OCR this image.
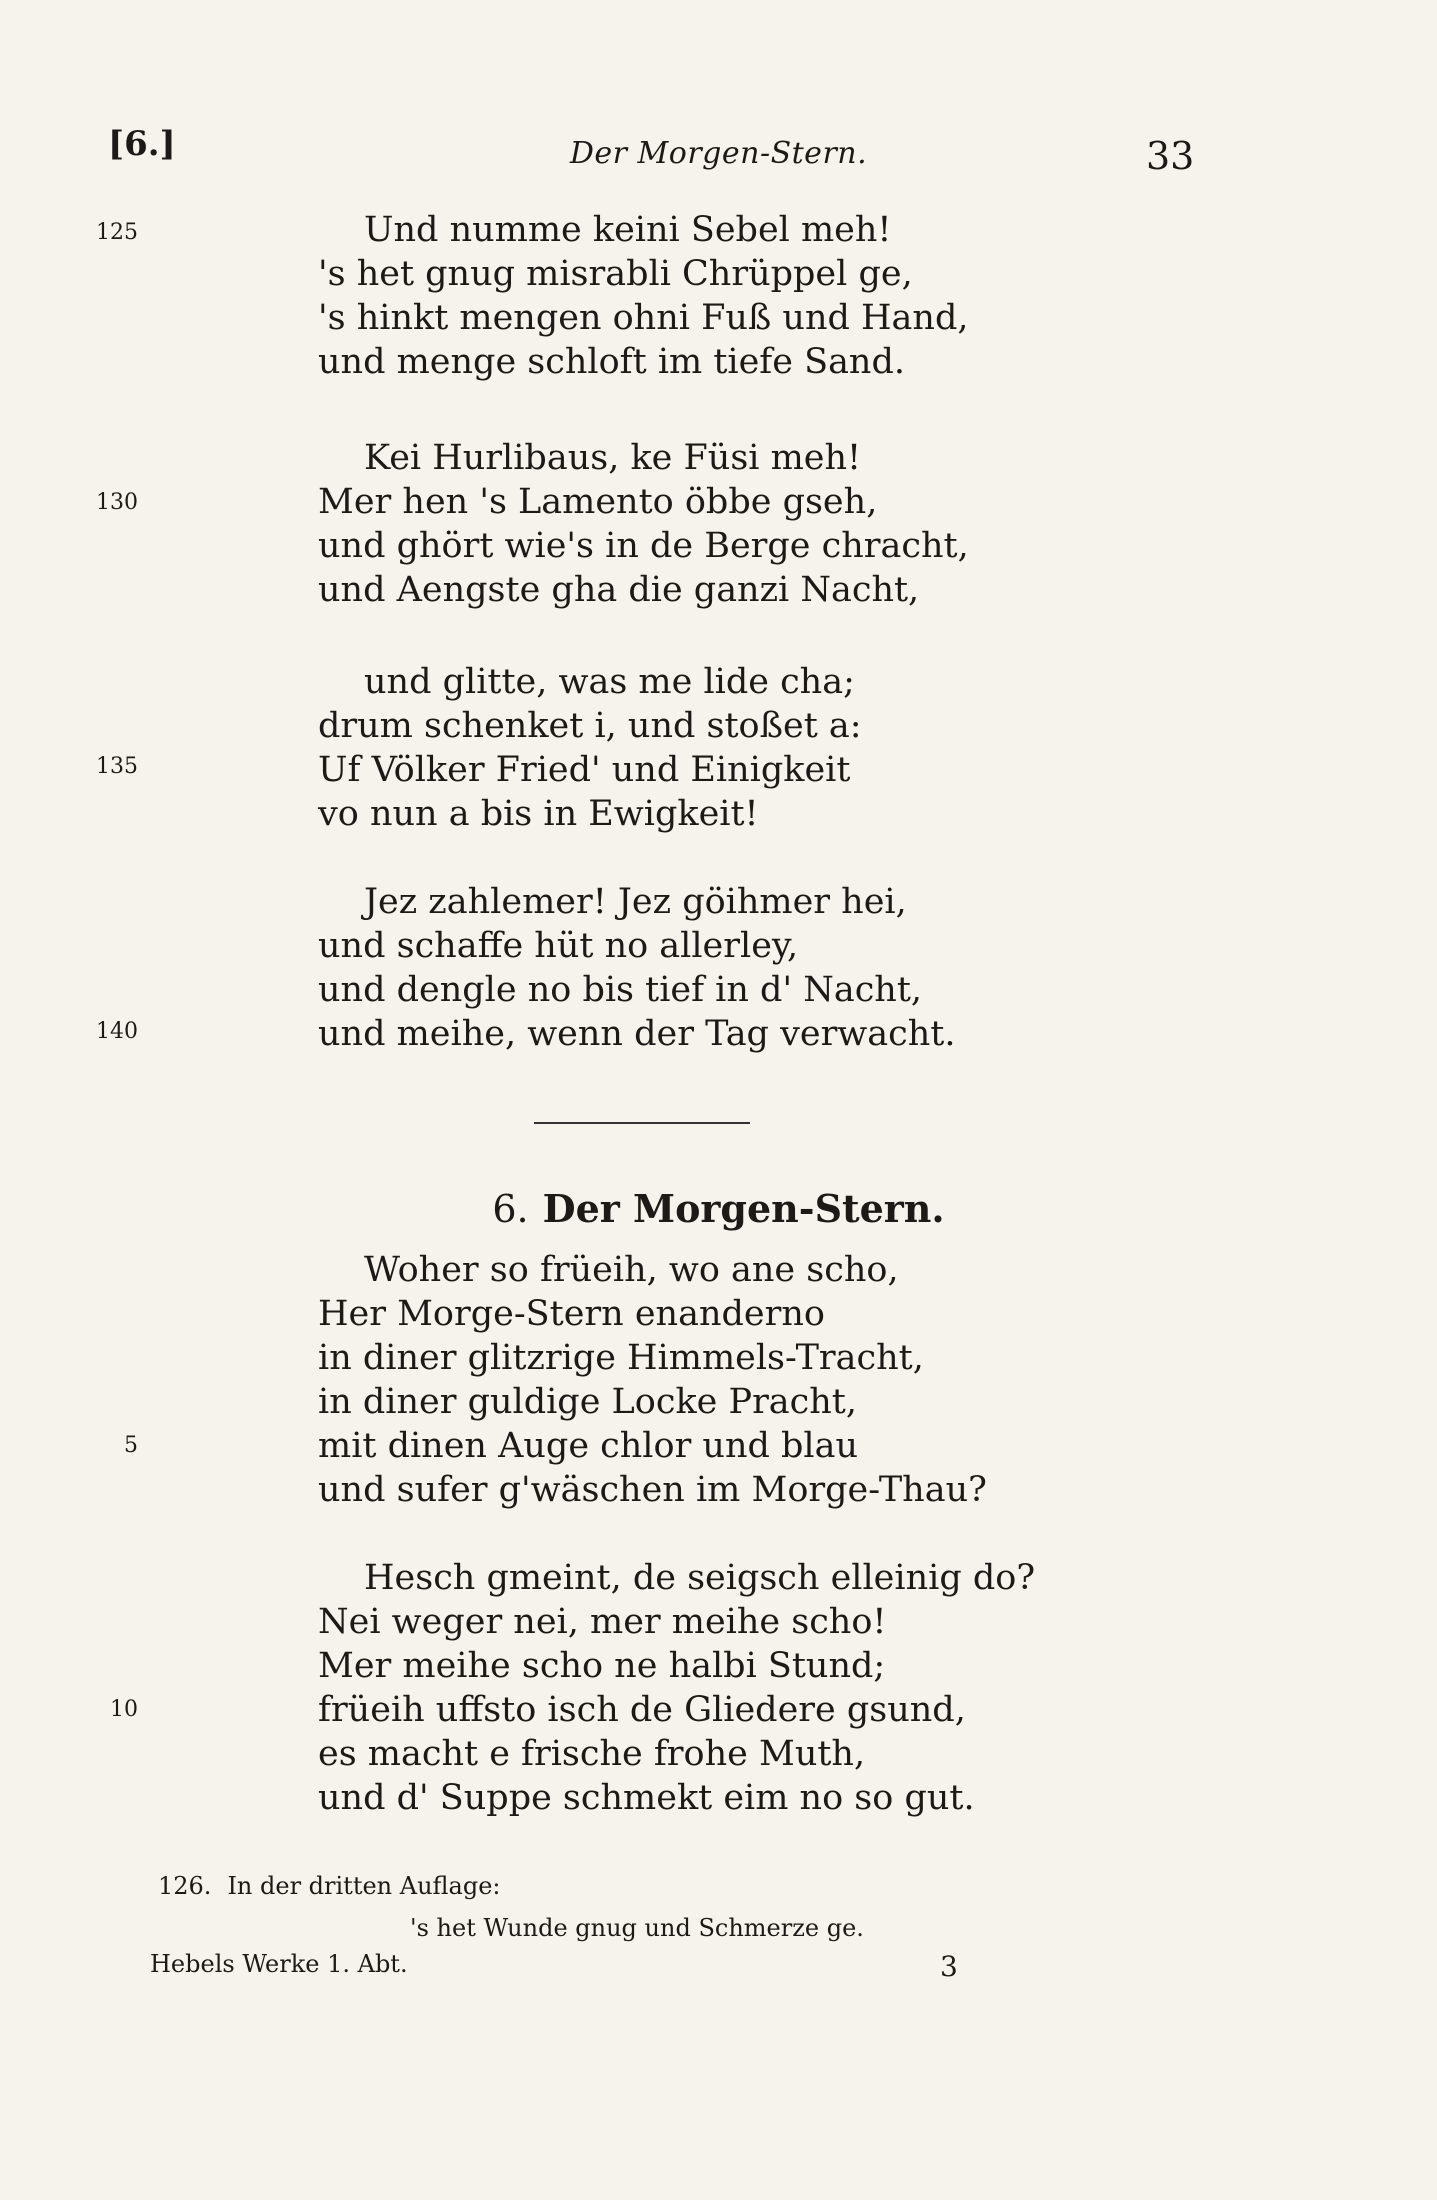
[6.]	Der Morgen-Stern.	33
125
130
135
140
5
10
Und numme keini Sebel meh!
's het gnug misrabli Chrüppel ge,
's hinkt mengen ohni Fuß und Hand,
und menge schloft im tiefe Sand.
Kei Hurlibaus, ke Füsi meh!
Mer hen 's Lamento öbbe gseh,
und ghört wie's in de Berge chracht,
und Aengste gha die ganzi Nacht,
und glitte, was me lide cha;
drum schenket i, und stoßet a:
Uf Völker Fried' und Einigkeit
vo nun a bis in Ewigkeit!
Jez zahlemer! Jez göihmer hei,
und schaffe hüt no allerley,
und dengle no bis tief in d' Nacht,
und meihe, wenn der Tag verwacht.
6. Der Morgen-Stern.
Woher so früeih, wo ane scho,
Her Morge-Stern enanderno
in diner glitzrige Himmels-Tracht,
in diner guldige Locke Pracht,
mit dinen Auge chlor und blau
und sufer g'wäschen im Morge-Thau?
Hesch gmeint, de seigsch elleinig do?
Nei weger nei, mer meihe scho!
Mer meihe scho ne halbi Stund;
früeih uffsto isch de Gliedere gsund,
es macht e frische frohe Muth,
und d' Suppe schmekt eim no so gut.
126. In der dritten Auflage:
's het Wunde gnug und Schmerze ge.
Hebels Werke 1. Abt.	3
